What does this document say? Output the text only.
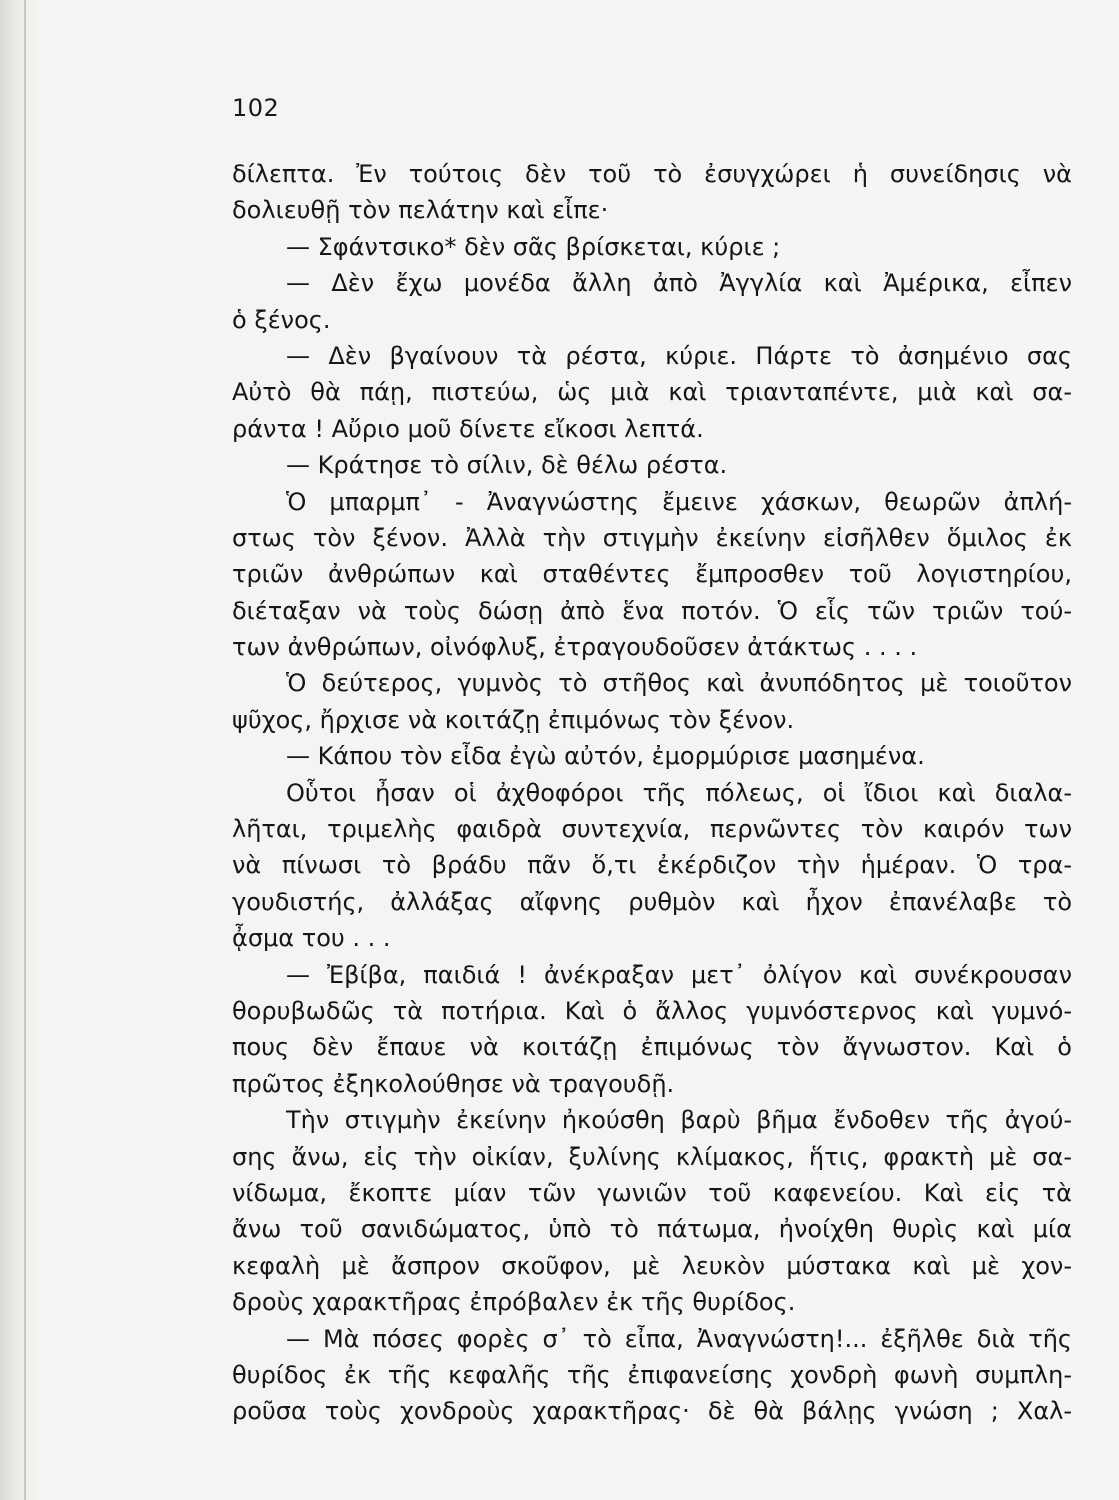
102
δίλεπτα. Ἐν τούτοις δὲν τοῦ τὸ ἐσυγχώρει ἡ συνείδησις νὰ
δολιευθῇ τὸν πελάτην καὶ εἶπε·
— Σφάντσικο* δὲν σᾶς βρίσκεται, κύριε ;
— Δὲν ἔχω μονέδα ἄλλη ἀπὸ Ἀγγλία καὶ Ἀμέρικα, εἶπεν
ὁ ξένος.
— Δὲν βγαίνουν τὰ ρέστα, κύριε. Πάρτε τὸ ἀσημένιο σας
Αὐτὸ θὰ πάῃ, πιστεύω, ὡς μιὰ καὶ τριανταπέντε, μιὰ καὶ σα-
ράντα ! Αὔριο μοῦ δίνετε εἴκοσι λεπτά.
— Κράτησε τὸ σίλιν, δὲ θέλω ρέστα.
Ὁ μπαρμπ᾽ - Ἀναγνώστης ἔμεινε χάσκων, θεωρῶν ἀπλή-
στως τὸν ξένον. Ἀλλὰ τὴν στιγμὴν ἐκείνην εἰσῆλθεν ὅμιλος ἐκ
τριῶν ἀνθρώπων καὶ σταθέντες ἔμπροσθεν τοῦ λογιστηρίου,
διέταξαν νὰ τοὺς δώσῃ ἀπὸ ἕνα ποτόν. Ὁ εἷς τῶν τριῶν τού-
των ἀνθρώπων, οἰνόφλυξ, ἐτραγουδοῦσεν ἀτάκτως . . . .
Ὁ δεύτερος, γυμνὸς τὸ στῆθος καὶ ἀνυπόδητος μὲ τοιοῦτον
ψῦχος, ἤρχισε νὰ κοιτάζῃ ἐπιμόνως τὸν ξένον.
— Κάπου τὸν εἶδα ἐγὼ αὐτόν, ἐμορμύρισε μασημένα.
Οὗτοι ἦσαν οἱ ἀχθοφόροι τῆς πόλεως, οἱ ἴδιοι καὶ διαλα-
λῆται, τριμελὴς φαιδρὰ συντεχνία, περνῶντες τὸν καιρόν των
νὰ πίνωσι τὸ βράδυ πᾶν ὅ,τι ἐκέρδιζον τὴν ἡμέραν. Ὁ τρα-
γουδιστής, ἀλλάξας αἴφνης ρυθμὸν καὶ ἦχον ἐπανέλαβε τὸ
ᾆσμα του . . .
— Ἐβίβα, παιδιά ! ἀνέκραξαν μετ᾽ ὀλίγον καὶ συνέκρουσαν
θορυβωδῶς τὰ ποτήρια. Καὶ ὁ ἄλλος γυμνόστερνος καὶ γυμνό-
πους δὲν ἔπαυε νὰ κοιτάζῃ ἐπιμόνως τὸν ἄγνωστον. Καὶ ὁ
πρῶτος ἐξηκολούθησε νὰ τραγουδῇ.
Τὴν στιγμὴν ἐκείνην ἠκούσθη βαρὺ βῆμα ἔνδοθεν τῆς ἀγού-
σης ἄνω, εἰς τὴν οἰκίαν, ξυλίνης κλίμακος, ἥτις, φρακτὴ μὲ σα-
νίδωμα, ἔκοπτε μίαν τῶν γωνιῶν τοῦ καφενείου. Καὶ εἰς τὰ
ἄνω τοῦ σανιδώματος, ὑπὸ τὸ πάτωμα, ἠνοίχθη θυρὶς καὶ μία
κεφαλὴ μὲ ἄσπρον σκοῦφον, μὲ λευκὸν μύστακα καὶ μὲ χον-
δροὺς χαρακτῆρας ἐπρόβαλεν ἐκ τῆς θυρίδος.
— Μὰ πόσες φορὲς σ᾽ τὸ εἶπα, Ἀναγνώστη!... ἐξῆλθε διὰ τῆς
θυρίδος ἐκ τῆς κεφαλῆς τῆς ἐπιφανείσης χονδρὴ φωνὴ συμπλη-
ροῦσα τοὺς χονδροὺς χαρακτῆρας· δὲ θὰ βάλῃς γνώση ; Χαλ-
